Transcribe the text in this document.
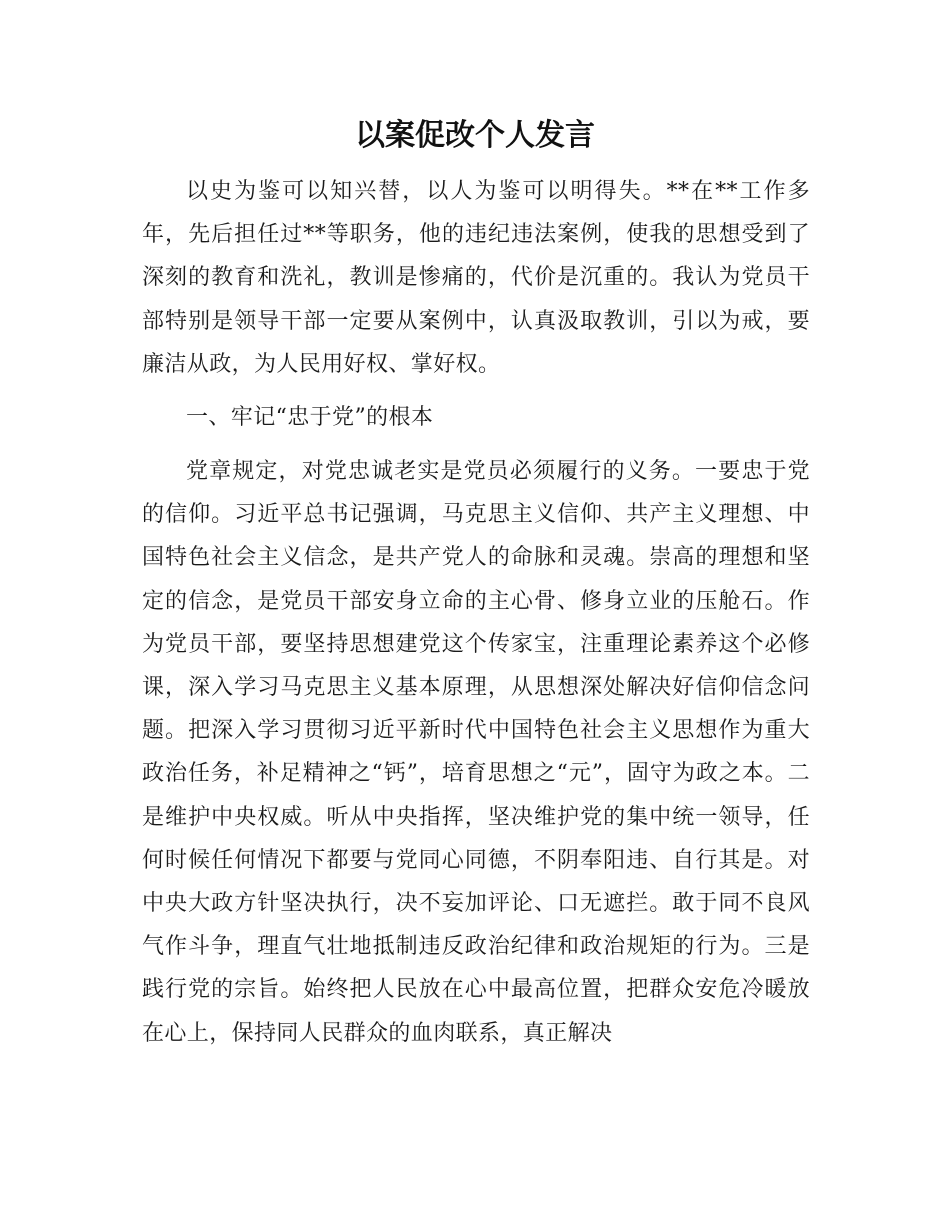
以案促改个人发言

以史为鉴可以知兴替，以人为鉴可以明得失。**在**工作多年，先后担任过**等职务，他的违纪违法案例，使我的思想受到了深刻的教育和洗礼，教训是惨痛的，代价是沉重的。我认为党员干部特别是领导干部一定要从案例中，认真汲取教训，引以为戒，要廉洁从政，为人民用好权、掌好权。

一、牢记“忠于党”的根本

党章规定，对党忠诚老实是党员必须履行的义务。一要忠于党的信仰。习近平总书记强调，马克思主义信仰、共产主义理想、中国特色社会主义信念，是共产党人的命脉和灵魂。崇高的理想和坚定的信念，是党员干部安身立命的主心骨、修身立业的压舱石。作为党员干部，要坚持思想建党这个传家宝，注重理论素养这个必修课，深入学习马克思主义基本原理，从思想深处解决好信仰信念问题。把深入学习贯彻习近平新时代中国特色社会主义思想作为重大政治任务，补足精神之“钙”，培育思想之“元”，固守为政之本。二是维护中央权威。听从中央指挥，坚决维护党的集中统一领导，任何时候任何情况下都要与党同心同德，不阴奉阳违、自行其是。对中央大政方针坚决执行，决不妄加评论、口无遮拦。敢于同不良风气作斗争，理直气壮地抵制违反政治纪律和政治规矩的行为。三是践行党的宗旨。始终把人民放在心中最高位置，把群众安危冷暖放在心上，保持同人民群众的血肉联系，真正解决
